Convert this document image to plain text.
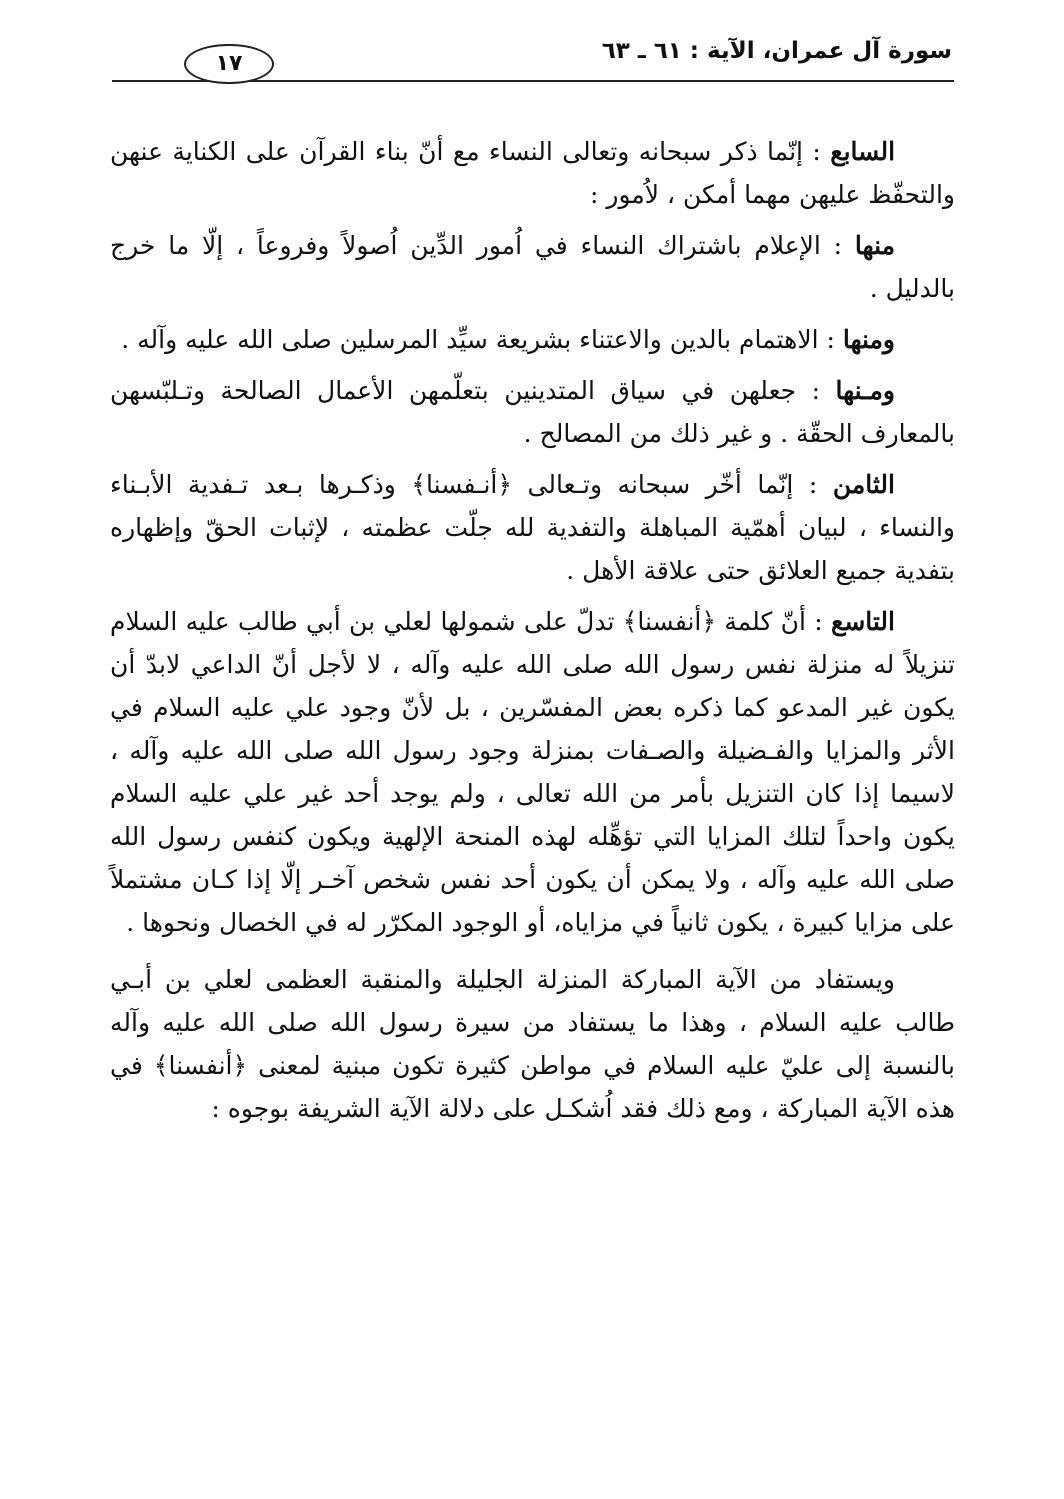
سورة آل عمران، الآية : ٦١ ـ ٦٣
١٧

السابع : إنّما ذكر سبحانه وتعالى النساء مع أنّ بناء القرآن على الكناية عنهن والتحفّظ عليهن مهما أمكن ، لاُمور :

منها : الإعلام باشتراك النساء في اُمور الدِّين اُصولاً وفروعاً ، إلّا ما خرج بالدليل .

ومنها : الاهتمام بالدين والاعتناء بشريعة سيِّد المرسلين صلى الله عليه وآله .

ومـنها : جعلهن في سياق المتدينين بتعلّمهن الأعمال الصالحة وتـلبّسهن بالمعارف الحقّة . و غير ذلك من المصالح .

الثامن : إنّما أخّر سبحانه وتـعالى ﴿أنـفسنا﴾ وذكـرها بـعد تـفدية الأبـناء والنساء ، لبيان أهمّية المباهلة والتفدية لله جلّت عظمته ، لإثبات الحقّ وإظهاره بتفدية جميع العلائق حتى علاقة الأهل .

التاسع : أنّ كلمة ﴿أنفسنا﴾ تدلّ على شمولها لعلي بن أبي طالب عليه السلام تنزيلاً له منزلة نفس رسول الله صلى الله عليه وآله ، لا لأجل أنّ الداعي لابدّ أن يكون غير المدعو كما ذكره بعض المفسّرين ، بل لأنّ وجود علي عليه السلام في الأثر والمزايا والفـضيلة والصـفات بمنزلة وجود رسول الله صلى الله عليه وآله ، لاسيما إذا كان التنزيل بأمر من الله تعالى ، ولم يوجد أحد غير علي عليه السلام يكون واحداً لتلك المزايا التي تؤهِّله لهذه المنحة الإلهية ويكون كنفس رسول الله صلى الله عليه وآله ، ولا يمكن أن يكون أحد نفس شخص آخـر إلّا إذا كـان مشتملاً على مزايا كبيرة ، يكون ثانياً في مزاياه، أو الوجود المكرّر له في الخصال ونحوها .

ويستفاد من الآية المباركة المنزلة الجليلة والمنقبة العظمى لعلي بن أبـي طالب عليه السلام ، وهذا ما يستفاد من سيرة رسول الله صلى الله عليه وآله بالنسبة إلى عليّ عليه السلام في مواطن كثيرة تكون مبنية لمعنى ﴿أنفسنا﴾ في هذه الآية المباركة ، ومع ذلك فقد اُشكـل على دلالة الآية الشريفة بوجوه :
